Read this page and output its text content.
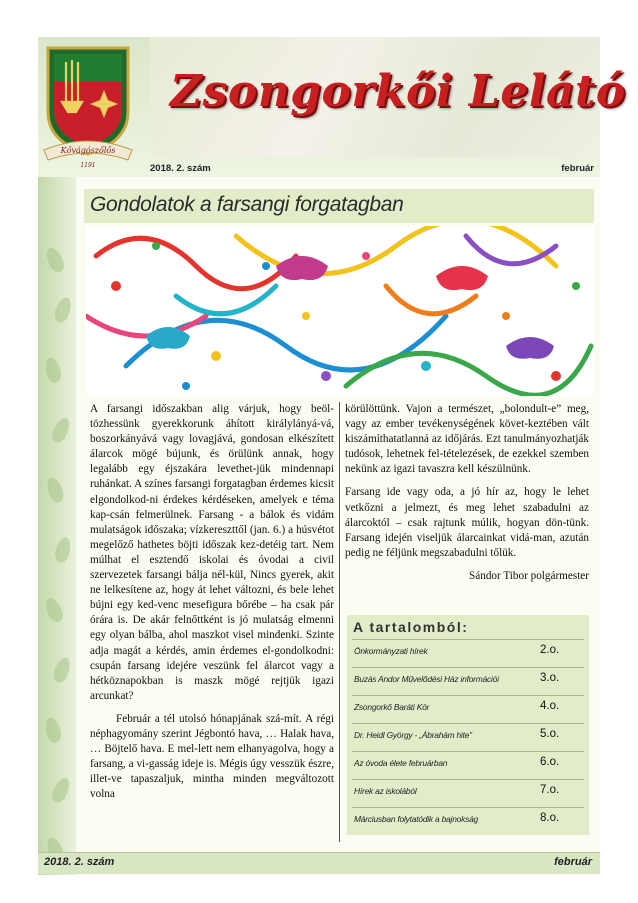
Kővágószőlős
1191
Zsongorkői Lelátó
2018. 2. szám	február
Gondolatok a farsangi forgatagban

A farsangi időszakban alig várjuk, hogy beöl-tözhessünk gyerekkorunk áhított királylányá-vá, boszorkányává vagy lovagjává, gondosan elkészített álarcok mögé bújunk, és örülünk annak, hogy legalább egy éjszakára levethet-jük mindennapi ruhánkat. A színes farsangi forgatagban érdemes kicsit elgondolkod-ni érdekes kérdéseken, amelyek e téma kap-csán felmerülnek. Farsang - a bálok és vidám mulatságok időszaka; vízkereszttől (jan. 6.) a húsvétot megelőző hathetes böjti időszak kez-detéig tart. Nem múlhat el esztendő iskolai és óvodai a civil szervezetek farsangi bálja nél-kül, Nincs gyerek, akit ne lelkesítene az, hogy át lehet változni, és bele lehet bújni egy ked-venc mesefigura bőrébe – ha csak pár órára is. De akár felnőttként is jó mulatság elmenni egy olyan bálba, ahol maszkot visel mindenki. Szinte adja magát a kérdés, amin érdemes el-gondolkodni: csupán farsang idejére veszünk fel álarcot vagy a hétköznapokban is maszk mögé rejtjük igazi arcunkat?

Február a tél utolsó hónapjának szá-mít. A régi néphagyomány szerint Jégbontó hava, … Halak hava, … Böjtelő hava. E mel-lett nem elhanyagolva, hogy a farsang, a vi-gasság ideje is. Mégis úgy vesszük észre, illet-ve tapaszaljuk, mintha minden megváltozott volna

körülöttünk. Vajon a természet, „bolondult-e” meg, vagy az ember tevékenységének követ-keztében vált kiszámíthatatlanná az időjárás. Ezt tanulmányozhatják tudósok, lehetnek fel-tételezések, de ezekkel szemben nekünk az igazi tavaszra kell készülnünk.

Farsang ide vagy oda, a jó hír az, hogy le lehet vetkőzni a jelmezt, és meg lehet szabadulni az álarcoktól – csak rajtunk múlik, hogyan dön-tünk. Farsang idején viseljük álarcainkat vidá-man, azután pedig ne féljünk megszabadulni tőlük.

Sándor Tibor polgármester

A tartalomból:
Önkormányzati hírek	2.o.
Buzás Andor Művelődési Ház információi	3.o.
Zsongorkő Baráti Kör	4.o.
Dr. Heidl György - „Ábrahám hite”	5.o.
Az óvoda élete februárban	6.o.
Hírek az iskolából	7.o.
Márciusban folytatódik a bajnokság	8.o.
2018. 2. szám	február
